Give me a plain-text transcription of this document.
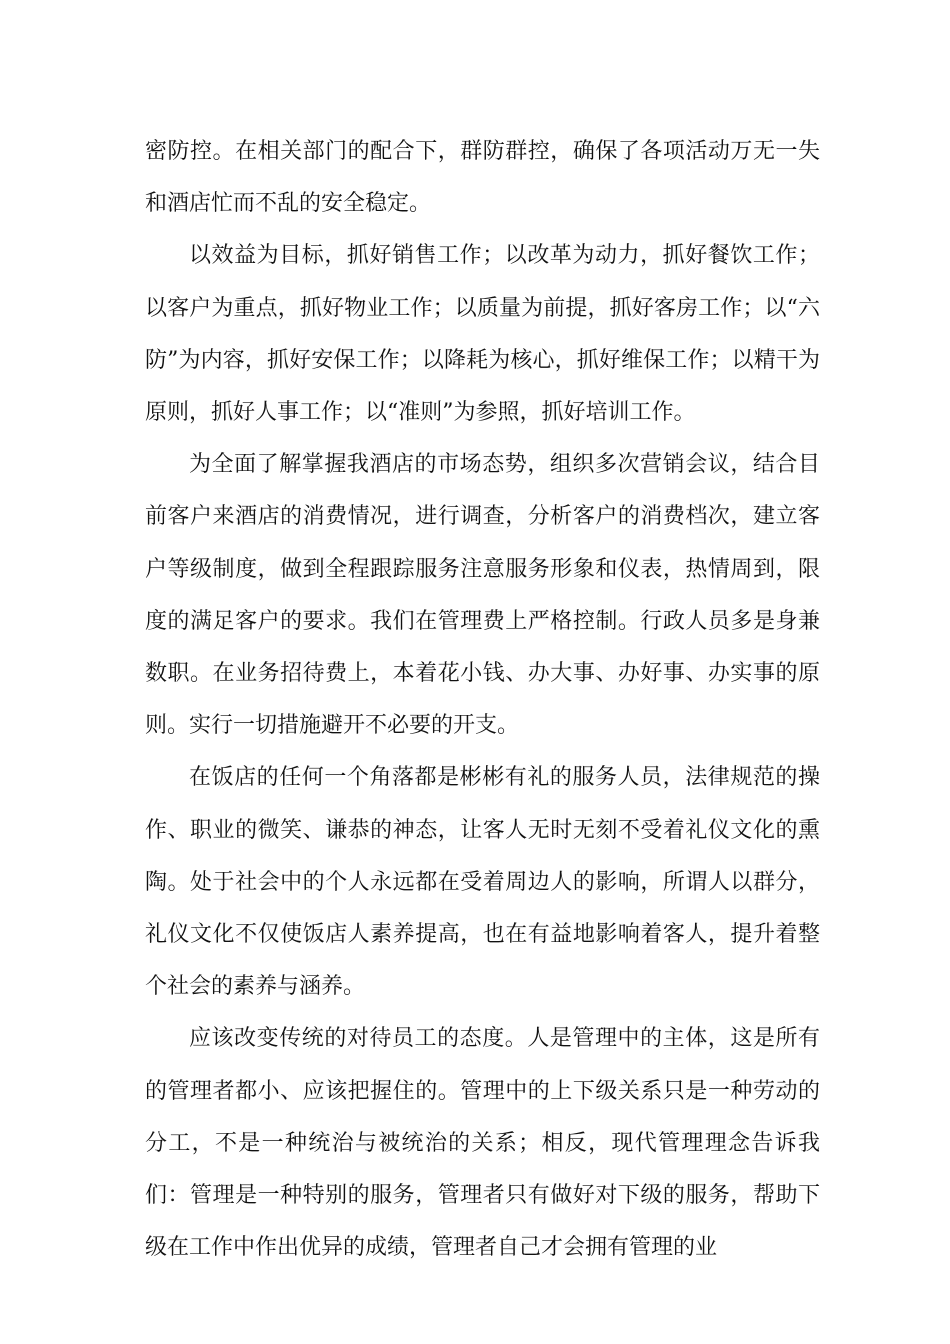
密防控。在相关部门的配合下，群防群控，确保了各项活动万无一失和酒店忙而不乱的安全稳定。

以效益为目标，抓好销售工作；以改革为动力，抓好餐饮工作；以客户为重点，抓好物业工作；以质量为前提，抓好客房工作；以“六防”为内容，抓好安保工作；以降耗为核心，抓好维保工作；以精干为原则，抓好人事工作；以“准则”为参照，抓好培训工作。

为全面了解掌握我酒店的市场态势，组织多次营销会议，结合目前客户来酒店的消费情况，进行调查，分析客户的消费档次，建立客户等级制度，做到全程跟踪服务注意服务形象和仪表，热情周到，限度的满足客户的要求。我们在管理费上严格控制。行政人员多是身兼数职。在业务招待费上，本着花小钱、办大事、办好事、办实事的原则。实行一切措施避开不必要的开支。

在饭店的任何一个角落都是彬彬有礼的服务人员，法律规范的操作、职业的微笑、谦恭的神态，让客人无时无刻不受着礼仪文化的熏陶。处于社会中的个人永远都在受着周边人的影响，所谓人以群分，礼仪文化不仅使饭店人素养提高，也在有益地影响着客人，提升着整个社会的素养与涵养。

应该改变传统的对待员工的态度。人是管理中的主体，这是所有的管理者都小、应该把握住的。管理中的上下级关系只是一种劳动的分工，不是一种统治与被统治的关系；相反，现代管理理念告诉我们：管理是一种特别的服务，管理者只有做好对下级的服务，帮助下级在工作中作出优异的成绩，管理者自己才会拥有管理的业
